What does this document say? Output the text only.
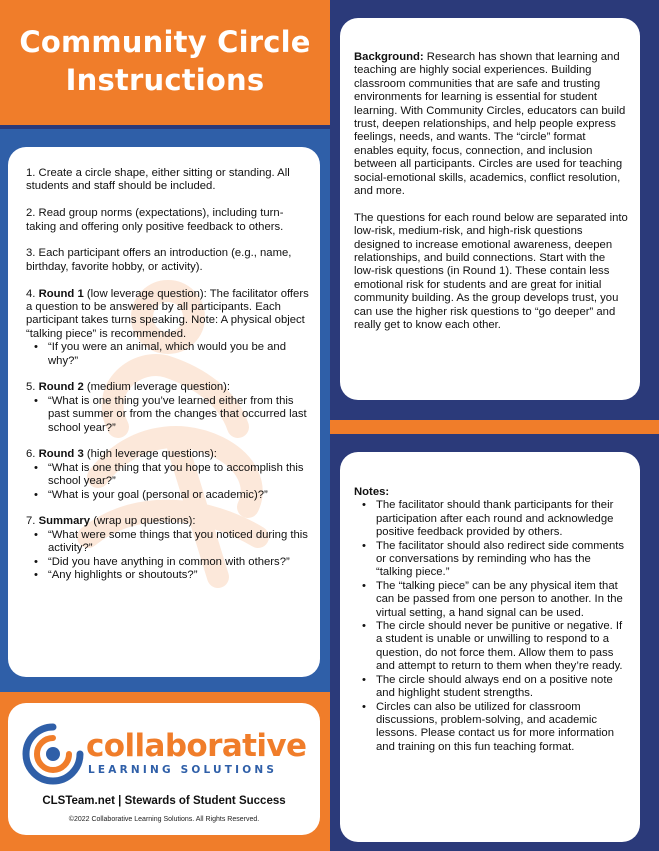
Community Circle
Instructions
1. Create a circle shape, either sitting or standing. All students and staff should be included.
2. Read group norms (expectations), including turn-taking and offering only positive feedback to others.
3. Each participant offers an introduction (e.g., name, birthday, favorite hobby, or activity).
4. Round 1 (low leverage question): The facilitator offers a question to be answered by all participants. Each participant takes turns speaking. Note: A physical object “talking piece” is recommended.
• “If you were an animal, which would you be and why?”
5. Round 2 (medium leverage question):
• “What is one thing you’ve learned either from this past summer or from the changes that occurred last school year?”
6. Round 3 (high leverage questions):
• “What is one thing that you hope to accomplish this school year?”
• “What is your goal (personal or academic)?”
7. Summary (wrap up questions):
• “What were some things that you noticed during this activity?”
• “Did you have anything in common with others?”
• “Any highlights or shoutouts?”
collaborative
LEARNING SOLUTIONS
CLSTeam.net | Stewards of Student Success
©2022 Collaborative Learning Solutions. All Rights Reserved.

Background: Research has shown that learning and teaching are highly social experiences. Building classroom communities that are safe and trusting environments for learning is essential for student learning. With Community Circles, educators can build trust, deepen relationships, and help people express feelings, needs, and wants. The “circle” format enables equity, focus, connection, and inclusion between all participants. Circles are used for teaching social-emotional skills, academics, conflict resolution, and more.

The questions for each round below are separated into low-risk, medium-risk, and high-risk questions designed to increase emotional awareness, deepen relationships, and build connections. Start with the low-risk questions (in Round 1). These contain less emotional risk for students and are great for initial community building. As the group develops trust, you can use the higher risk questions to “go deeper” and really get to know each other.

Notes:
• The facilitator should thank participants for their participation after each round and acknowledge positive feedback provided by others.
• The facilitator should also redirect side comments or conversations by reminding who has the “talking piece.”
• The “talking piece” can be any physical item that can be passed from one person to another. In the virtual setting, a hand signal can be used.
• The circle should never be punitive or negative. If a student is unable or unwilling to respond to a question, do not force them. Allow them to pass and attempt to return to them when they’re ready.
• The circle should always end on a positive note and highlight student strengths.
• Circles can also be utilized for classroom discussions, problem-solving, and academic lessons. Please contact us for more information and training on this fun teaching format.
